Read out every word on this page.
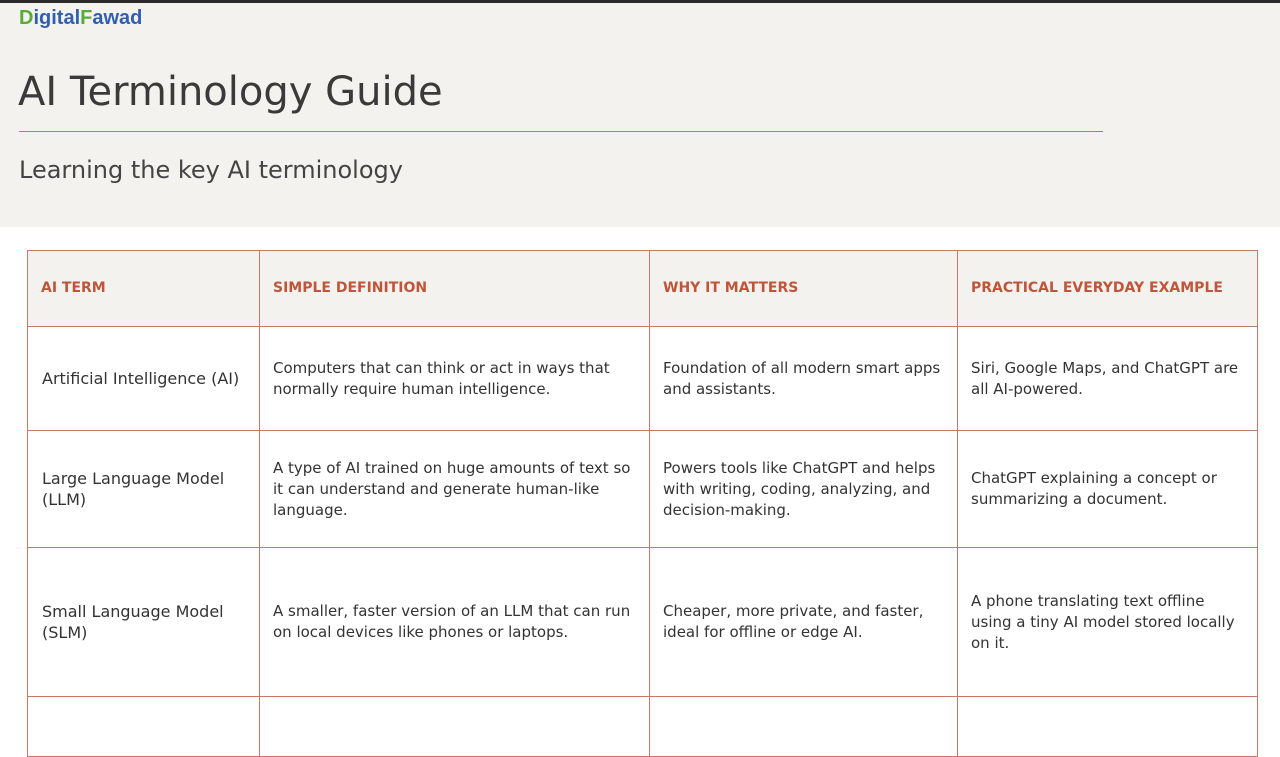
DigitalFawad
AI Terminology Guide
Learning the key AI terminology
AI TERM	SIMPLE DEFINITION	WHY IT MATTERS	PRACTICAL EVERYDAY EXAMPLE
Artificial Intelligence (AI)	Computers that can think or act in ways that normally require human intelligence.	Foundation of all modern smart apps and assistants.	Siri, Google Maps, and ChatGPT are all AI-powered.
Large Language Model (LLM)	A type of AI trained on huge amounts of text so it can understand and generate human-like language.	Powers tools like ChatGPT and helps with writing, coding, analyzing, and decision-making.	ChatGPT explaining a concept or summarizing a document.
Small Language Model (SLM)	A smaller, faster version of an LLM that can run on local devices like phones or laptops.	Cheaper, more private, and faster, ideal for offline or edge AI.	A phone translating text offline using a tiny AI model stored locally on it.
